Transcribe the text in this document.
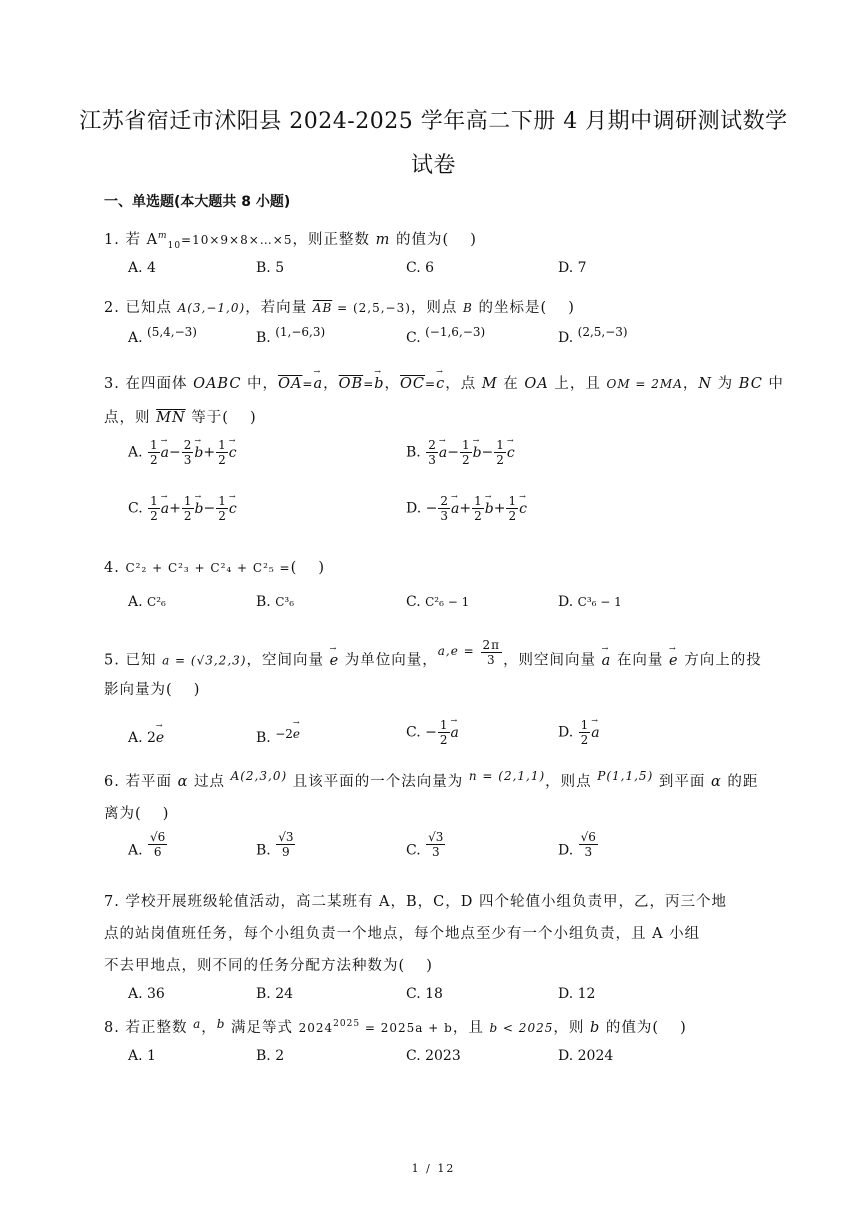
江苏省宿迁市沭阳县 2024-2025 学年高二下册 4 月期中调研测试数学
试卷
一、单选题(本大题共 8 小题)
1. 若 $A^m_{10}=10\times 9\times 8\times\dots\times 5$，则正整数 m 的值为(　 )
A. 4	B. 5	C. 6	D. 7
2. 已知点 A(3,−1,0)，若向量 $\overline{AB} = (2,5,-3)$，则点 B 的坐标是(　 )
A. (5,4,−3)	B. (1,−6,3)	C. (−1,6,−3)	D. (2,5,−3)
3. 在四面体 OABC 中，$\overline{OA}=\to a$，$\overline{OB}=\to b$，$\overline{OC}=\to c$，点 M 在 OA 上，且 OM = 2MA，N 为 BC 中
点，则 $\overline{MN}$ 等于(　 )
A. $\frac{1}{2} \to a- \frac{2}{3} \to b+ \frac{1}{2} \to c$	B. $\frac{2}{3} \to a- \frac{1}{2} \to b- \frac{1}{2} \to c$
C. $\frac{1}{2} \to a+ \frac{1}{2} \to b- \frac{1}{2} \to c$	D. − $\frac{2}{3} \to a+ \frac{1}{2} \to b+ \frac{1}{2} \to c$
4. C²₂ + C²₃ + C²₄ + C²₅ =(　 )
A. C²₆	B. C³₆	C. C²₆ − 1	D. C³₆ − 1
5. 已知 a = (√3,2,3)，空间向量 → e 为单位向量，$^{a,e =} \frac{2\pi}{3}$ ，则空间向量 → a 在向量 → e 方向上的投
影向量为(　 )
A. 2→ e	B. −2→ e	C. − $\frac{1}{2} \to a$	D. $\frac{1}{2} \to a$
6. 若平面 α 过点 $^{A(2,3,0)}$ 且该平面的一个法向量为 $^{n = (2,1,1)}$，则点 $^{P(1,1,5)}$ 到平面 α 的距
离为(　 )
A. $\frac{√6}{6}$	B. $\frac{√3}{9}$	C. $\frac{√3}{3}$	D. $\frac{√6}{3}$
7. 学校开展班级轮值活动，高二某班有 A，B，C，D 四个轮值小组负责甲，乙，丙三个地
点的站岗值班任务，每个小组负责一个地点，每个地点至少有一个小组负责，且 A 小组
不去甲地点，则不同的任务分配方法种数为(　 )
A. 36	B. 24	C. 18	D. 12
8. 若正整数 $^a$，$^b$ 满足等式 $2024^{2025} = 2025a + b$，且 b < 2025，则 b 的值为(　 )
A. 1	B. 2	C. 2023	D. 2024
1 / 12
